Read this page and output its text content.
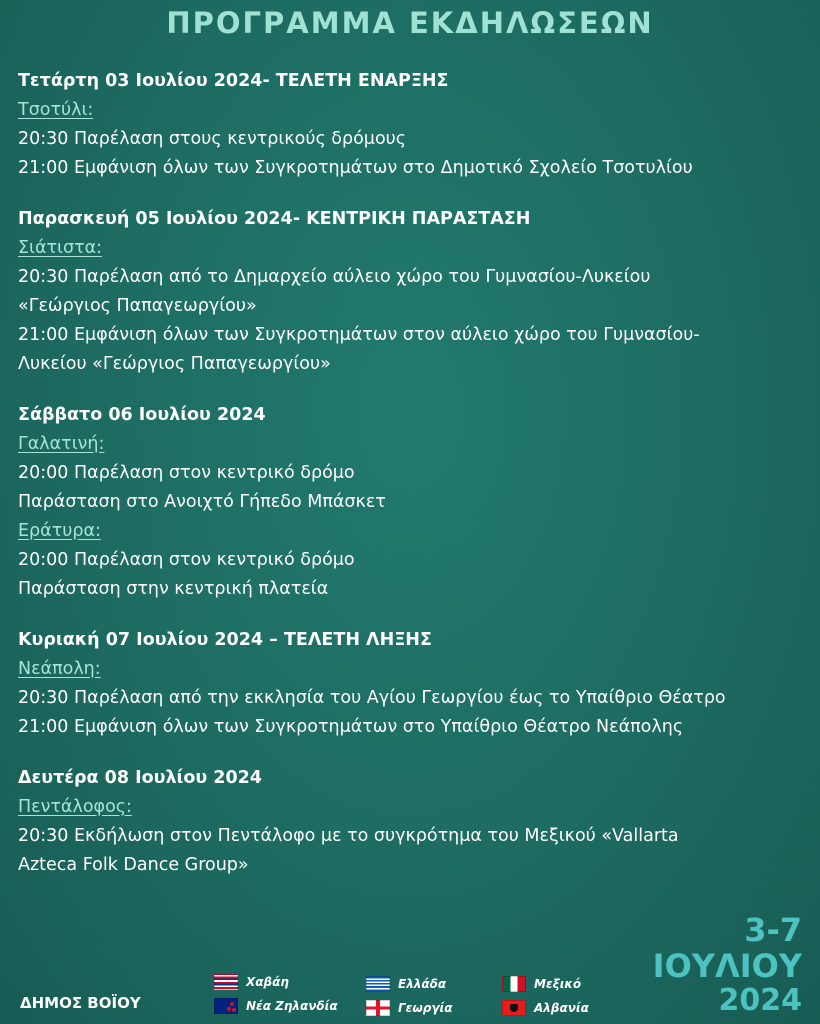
ΠΡΟΓΡΑΜΜΑ ΕΚΔΗΛΩΣΕΩΝ
Τετάρτη 03 Ιουλίου 2024- ΤΕΛΕΤΗ ΕΝΑΡΞΗΣ
Τσοτύλι:
20:30 Παρέλαση στους κεντρικούς δρόμους
21:00 Εμφάνιση όλων των Συγκροτημάτων στο Δημοτικό Σχολείο Τσοτυλίου
Παρασκευή 05 Ιουλίου 2024- ΚΕΝΤΡΙΚΗ ΠΑΡΑΣΤΑΣΗ
Σιάτιστα:
20:30 Παρέλαση από το Δημαρχείο αύλειο χώρο του Γυμνασίου-Λυκείου
«Γεώργιος Παπαγεωργίου»
21:00 Εμφάνιση όλων των Συγκροτημάτων στον αύλειο χώρο του Γυμνασίου-
Λυκείου «Γεώργιος Παπαγεωργίου»
Σάββατο 06 Ιουλίου 2024
Γαλατινή:
20:00 Παρέλαση στον κεντρικό δρόμο
Παράσταση στο Ανοιχτό Γήπεδο Μπάσκετ
Εράτυρα:
20:00 Παρέλαση στον κεντρικό δρόμο
Παράσταση στην κεντρική πλατεία
Κυριακή 07 Ιουλίου 2024 – ΤΕΛΕΤΗ ΛΗΞΗΣ
Νεάπολη:
20:30 Παρέλαση από την εκκλησία του Αγίου Γεωργίου έως το Υπαίθριο Θέατρο
21:00 Εμφάνιση όλων των Συγκροτημάτων στο Υπαίθριο Θέατρο Νεάπολης
Δευτέρα 08 Ιουλίου 2024
Πεντάλοφος:
20:30 Εκδήλωση στον Πεντάλοφο με το συγκρότημα του Μεξικού «Vallarta
Azteca Folk Dance Group»
3-7
ΙΟΥΛΙΟΥ
2024
ΔΗΜΟΣ ΒΟΪΟΥ
Χαβάη
Νέα Ζηλανδία
Ελλάδα
Γεωργία
Μεξικό
Αλβανία
